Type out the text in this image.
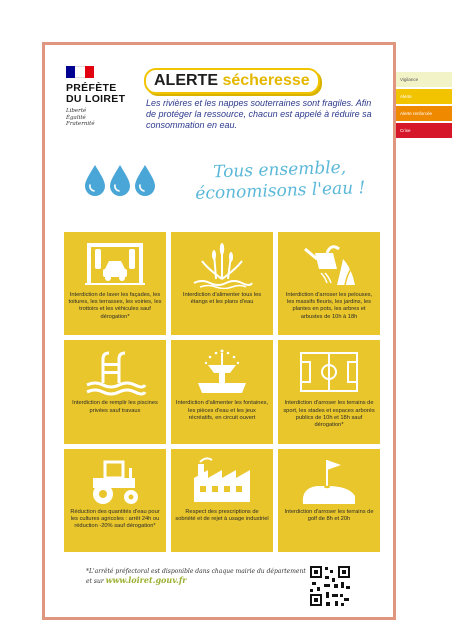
PRÉFÈTE
DU LOIRET
Liberté
Égalité
Fraternité
ALERTE sécheresse
Les rivières et les nappes souterraines sont fragiles. Afin de protéger la ressource, chacun est appelé à réduire sa consommation en eau.
Tous ensemble,
économisons l'eau !
Interdiction de laver les façades, les toitures, les terrasses, les voiries, les trottoirs et les véhicules sauf dérogation*
Interdiction d'alimenter tous les étangs et les plans d'eau
Interdiction d'arroser les pelouses, les massifs fleuris, les jardins, les plantes en pots, les arbres et arbustes de 10h à 18h
Interdiction de remplir les piscines privées sauf travaux
Interdiction d'alimenter les fontaines, les pièces d'eau et les jeux récréatifs, en circuit ouvert
Interdiction d'arroser les terrains de sport, les stades et espaces arborés publics de 10h et 18h sauf dérogation*
Réduction des quantités d'eau pour les cultures agricoles : arrêt 24h ou réduction -20% sauf dérogation*
Respect des prescriptions de sobriété et de rejet à usage industriel
Interdiction d'arroser les terrains de golf de 8h et 20h
*L'arrêté préfectoral est disponible dans chaque mairie du département et sur www.loiret.gouv.fr
Vigilance
Alerte
Alerte renforcée
Crise
